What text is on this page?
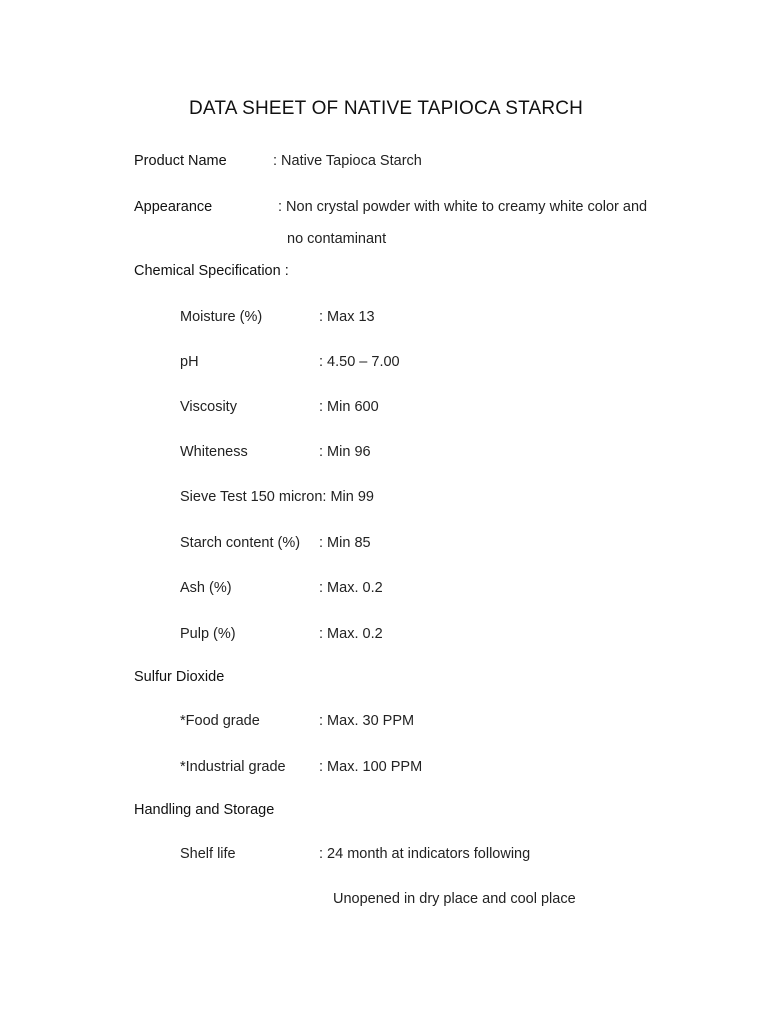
DATA SHEET OF NATIVE TAPIOCA STARCH
Product Name	: Native Tapioca Starch
Appearance	: Non crystal powder with white to creamy white color and
no contaminant
Chemical Specification :
Moisture (%)	: Max 13
pH	: 4.50 – 7.00
Viscosity	: Min 600
Whiteness	: Min 96
Sieve Test 150 micron: Min 99
Starch content (%) : Min 85
Ash (%)	: Max. 0.2
Pulp (%)	: Max. 0.2
Sulfur Dioxide
*Food grade	: Max. 30 PPM
*Industrial grade : Max. 100 PPM
Handling and Storage
Shelf life	: 24 month at indicators following
Unopened in dry place and cool place
